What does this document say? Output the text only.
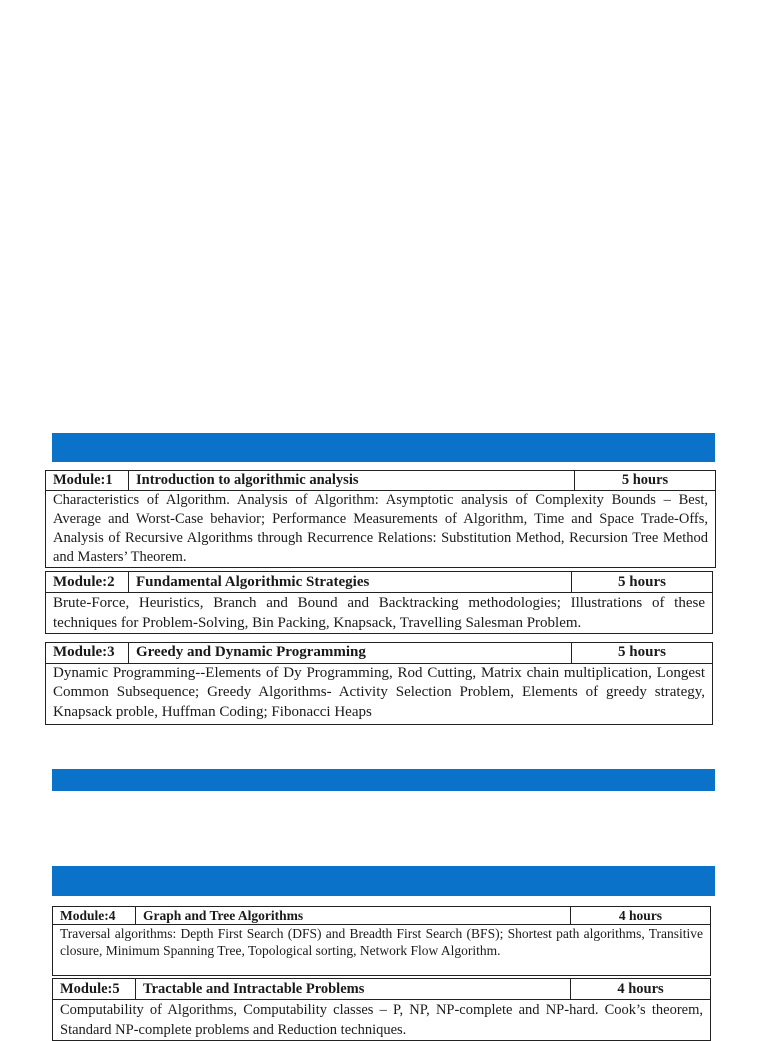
Module:1	Introduction to algorithmic analysis	5 hours
Characteristics of Algorithm. Analysis of Algorithm: Asymptotic analysis of Complexity Bounds – Best, Average and Worst-Case behavior; Performance Measurements of Algorithm, Time and Space Trade-Offs, Analysis of Recursive Algorithms through Recurrence Relations: Substitution Method, Recursion Tree Method and Masters’ Theorem.
Module:2	Fundamental Algorithmic Strategies	5 hours
Brute-Force, Heuristics, Branch and Bound and Backtracking methodologies; Illustrations of these techniques for Problem-Solving, Bin Packing, Knapsack, Travelling Salesman Problem.
Module:3	Greedy and Dynamic Programming	5 hours
Dynamic Programming--Elements of Dy Programming, Rod Cutting, Matrix chain multiplication, Longest Common Subsequence; Greedy Algorithms- Activity Selection Problem, Elements of greedy strategy, Knapsack proble, Huffman Coding; Fibonacci Heaps
Module:4	Graph and Tree Algorithms	4 hours
Traversal algorithms: Depth First Search (DFS) and Breadth First Search (BFS); Shortest path algorithms, Transitive closure, Minimum Spanning Tree, Topological sorting, Network Flow Algorithm.
Module:5	Tractable and Intractable Problems	4 hours
Computability of Algorithms, Computability classes – P, NP, NP-complete and NP-hard. Cook’s theorem, Standard NP-complete problems and Reduction techniques.
